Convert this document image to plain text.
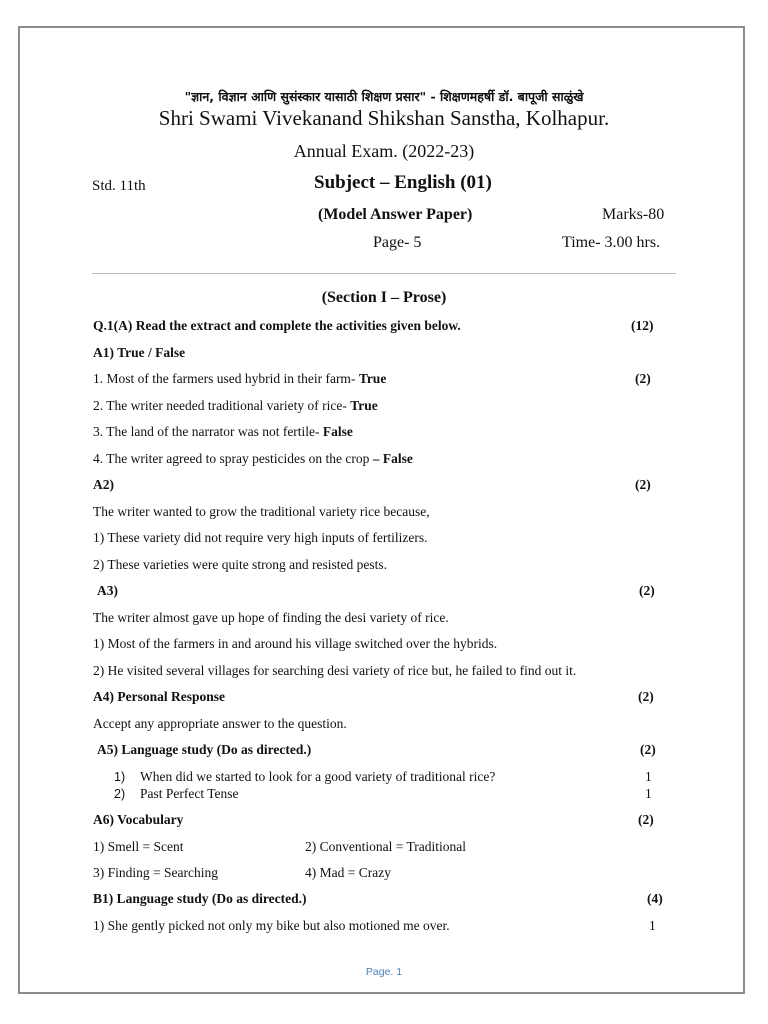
"ज्ञान, विज्ञान आणि सुसंस्कार यासाठी शिक्षण प्रसार" - शिक्षणमहर्षी डॉ. बापूजी साळुंखे
Shri Swami Vivekanand Shikshan Sanstha, Kolhapur.
Annual Exam. (2022-23)
Std. 11th	Subject – English (01)
(Model Answer Paper)	Marks-80
Page- 5	Time- 3.00 hrs.
(Section I – Prose)
Q.1(A) Read the extract and complete the activities given below.	(12)
A1) True / False
1. Most of the farmers used hybrid in their farm- True	(2)
2. The writer needed traditional variety of rice- True
3. The land of the narrator was not fertile- False
4. The writer agreed to spray pesticides on the crop – False
A2)	(2)
The writer wanted to grow the traditional variety rice because,
1) These variety did not require very high inputs of fertilizers.
2) These varieties were quite strong and resisted pests.
A3)	(2)
The writer almost gave up hope of finding the desi variety of rice.
1) Most of the farmers in and around his village switched over the hybrids.
2) He visited several villages for searching desi variety of rice but, he failed to find out it.
A4) Personal Response	(2)
Accept any appropriate answer to the question.
A5) Language study (Do as directed.)	(2)
1) When did we started to look for a good variety of traditional rice?	1
2) Past Perfect Tense	1
A6) Vocabulary	(2)
1) Smell = Scent	2) Conventional = Traditional
3) Finding = Searching	4) Mad = Crazy
B1) Language study (Do as directed.)	(4)
1) She gently picked not only my bike but also motioned me over.	1
Page. 1
